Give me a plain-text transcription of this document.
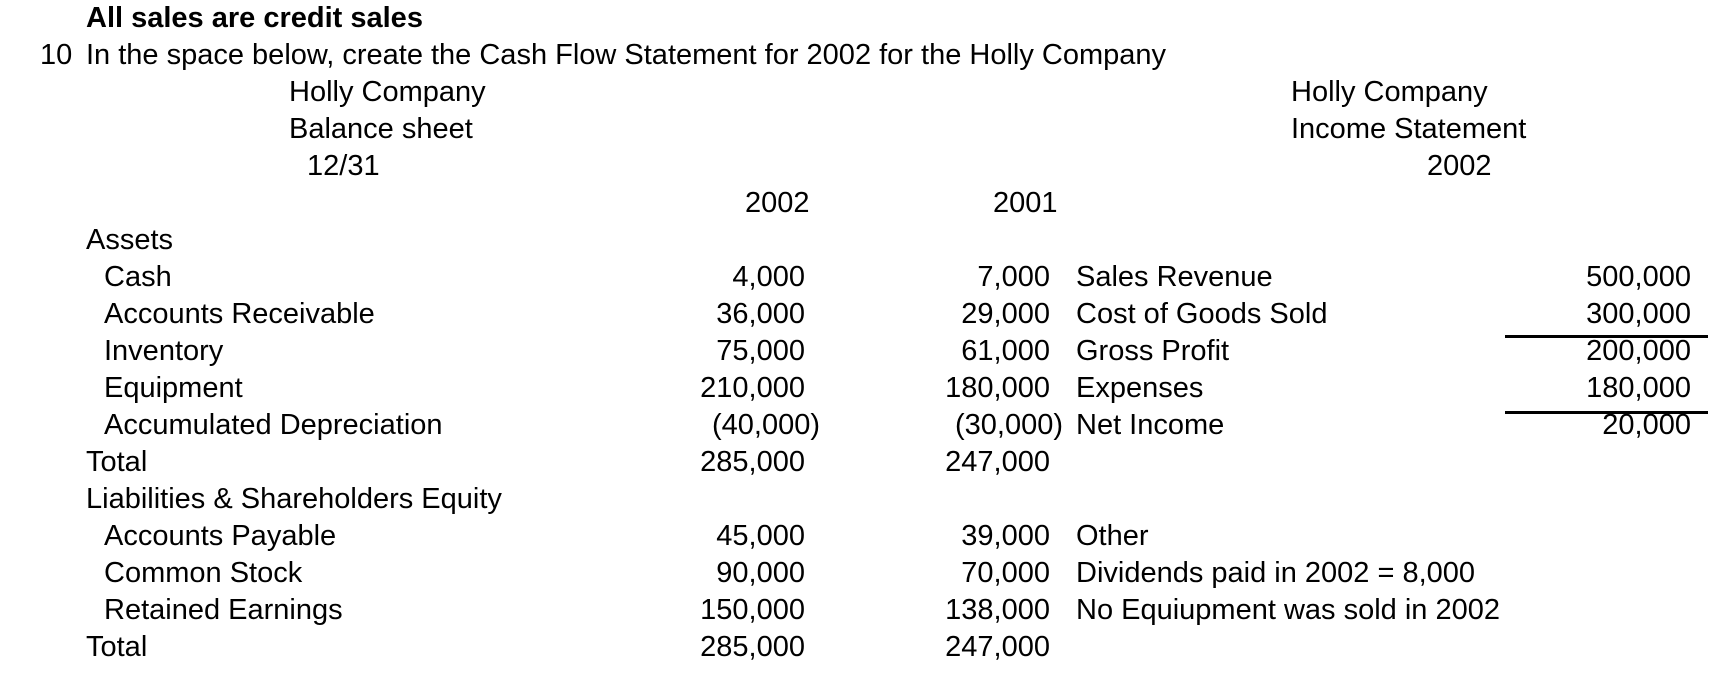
All sales are credit sales
10 In the space below, create the Cash Flow Statement for 2002 for the Holly Company
Holly Company
Balance sheet
12/31
2002	2001
Holly Company
Income Statement
2002
Assets
Cash	4,000	7,000
Accounts Receivable	36,000	29,000
Inventory	75,000	61,000
Equipment	210,000	180,000
Accumulated Depreciation	(40,000)	(30,000)
Total	285,000	247,000
Liabilities & Shareholders Equity
Accounts Payable	45,000	39,000
Common Stock	90,000	70,000
Retained Earnings	150,000	138,000
Total	285,000	247,000
Sales Revenue	500,000
Cost of Goods Sold	300,000
Gross Profit	200,000
Expenses	180,000
Net Income	20,000
Other
Dividends paid in 2002 = 8,000
No Equiupment was sold in 2002
